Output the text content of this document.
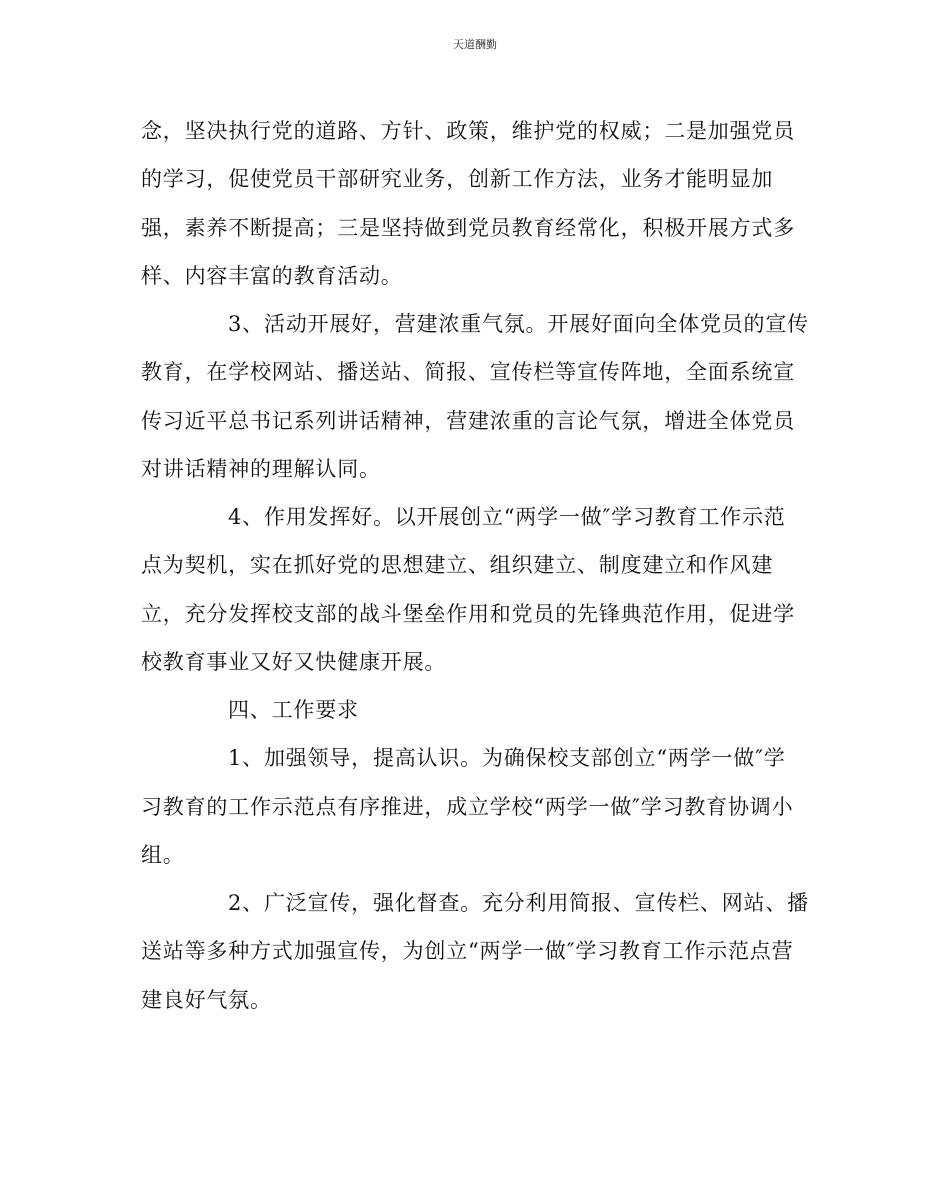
天道酬勤
念，坚决执行党的道路、方针、政策，维护党的权威；二是加强党员
的学习，促使党员干部研究业务，创新工作方法，业务才能明显加
强，素养不断提高；三是坚持做到党员教育经常化，积极开展方式多
样、内容丰富的教育活动。
3、活动开展好，营建浓重气氛。开展好面向全体党员的宣传
教育，在学校网站、播送站、简报、宣传栏等宣传阵地，全面系统宣
传习近平总书记系列讲话精神，营建浓重的言论气氛，增进全体党员
对讲话精神的理解认同。
4、作用发挥好。以开展创立“两学一做″学习教育工作示范
点为契机，实在抓好党的思想建立、组织建立、制度建立和作风建
立，充分发挥校支部的战斗堡垒作用和党员的先锋典范作用，促进学
校教育事业又好又快健康开展。
四、工作要求
1、加强领导，提高认识。为确保校支部创立“两学一做″学
习教育的工作示范点有序推进，成立学校“两学一做″学习教育协调小
组。
2、广泛宣传，强化督查。充分利用简报、宣传栏、网站、播
送站等多种方式加强宣传，为创立“两学一做″学习教育工作示范点营
建良好气氛。
